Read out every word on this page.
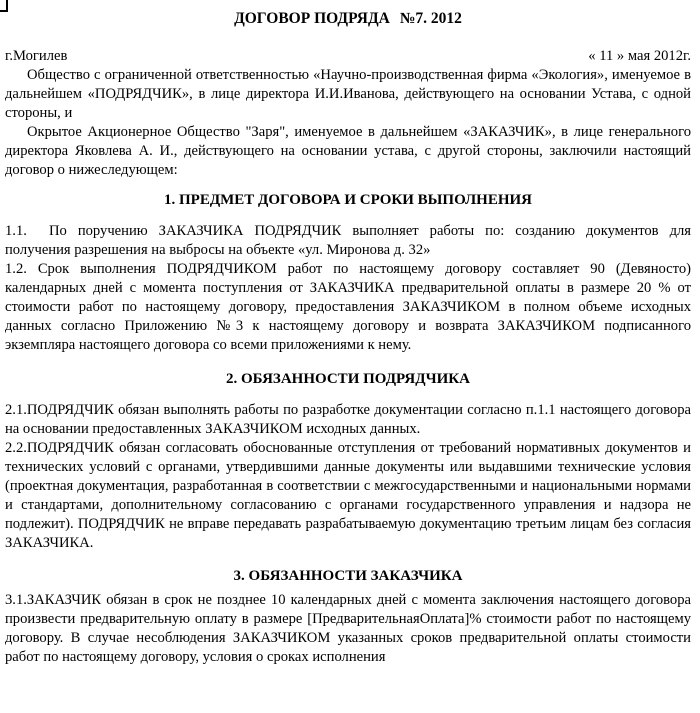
ДОГОВОР ПОДРЯДА №7. 2012
г.Могилев	« 11 » мая 2012г.

Общество с ограниченной ответственностью «Научно-производственная фирма «Экология», именуемое в дальнейшем «ПОДРЯДЧИК», в лице директора И.И.Иванова, действующего на основании Устава, с одной стороны, и

Окрытое Акционерное Общество "Заря", именуемое в дальнейшем «ЗАКАЗЧИК», в лице генерального директора Яковлева А. И., действующего на основании устава, с другой стороны, заключили настоящий договор о нижеследующем:

1. ПРЕДМЕТ ДОГОВОРА И СРОКИ ВЫПОЛНЕНИЯ

1.1. По поручению ЗАКАЗЧИКА ПОДРЯДЧИК выполняет работы по: созданию документов для получения разрешения на выбросы на объекте «ул. Миронова д. 32»

1.2. Срок выполнения ПОДРЯДЧИКОМ работ по настоящему договору составляет 90 (Девяносто) календарных дней с момента поступления от ЗАКАЗЧИКА предварительной оплаты в размере 20 % от стоимости работ по настоящему договору, предоставления ЗАКАЗЧИКОМ в полном объеме исходных данных согласно Приложению №3 к настоящему договору и возврата ЗАКАЗЧИКОМ подписанного экземпляра настоящего договора со всеми приложениями к нему.

2. ОБЯЗАННОСТИ ПОДРЯДЧИКА

2.1.ПОДРЯДЧИК обязан выполнять работы по разработке документации согласно п.1.1 настоящего договора на основании предоставленных ЗАКАЗЧИКОМ исходных данных.

2.2.ПОДРЯДЧИК обязан согласовать обоснованные отступления от требований нормативных документов и технических условий с органами, утвердившими данные документы или выдавшими технические условия (проектная документация, разработанная в соответствии с межгосударственными и национальными нормами и стандартами, дополнительному согласованию с органами государственного управления и надзора не подлежит). ПОДРЯДЧИК не вправе передавать разрабатываемую документацию третьим лицам без согласия ЗАКАЗЧИКА.

3. ОБЯЗАННОСТИ ЗАКАЗЧИКА

3.1.ЗАКАЗЧИК обязан в срок не позднее 10 календарных дней с момента заключения настоящего договора произвести предварительную оплату в размере [ПредварительнаяОплата]% стоимости работ по настоящему договору. В случае несоблюдения ЗАКАЗЧИКОМ указанных сроков предварительной оплаты стоимости работ по настоящему договору, условия о сроках исполнения
